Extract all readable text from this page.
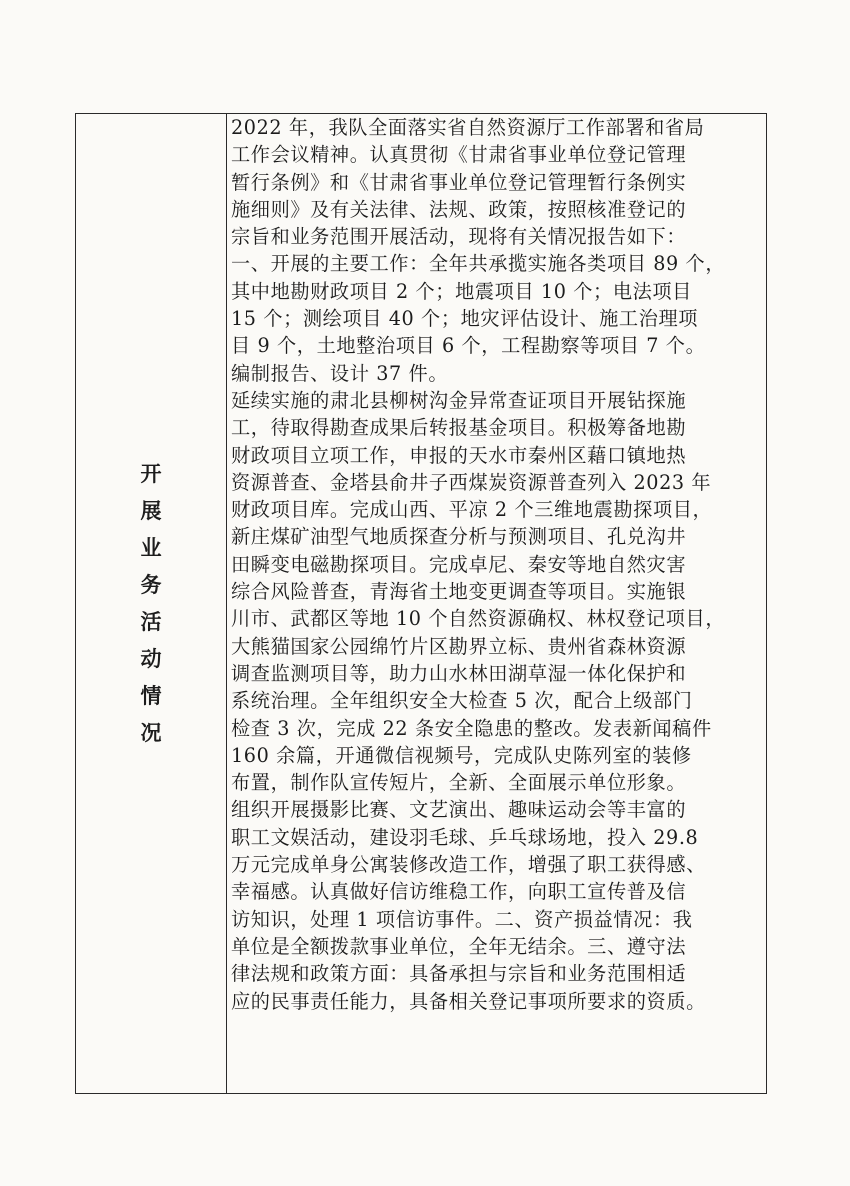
开展业务活动情况
2022 年，我队全面落实省自然资源厅工作部署和省局
工作会议精神。认真贯彻《甘肃省事业单位登记管理
暂行条例》和《甘肃省事业单位登记管理暂行条例实
施细则》及有关法律、法规、政策，按照核准登记的
宗旨和业务范围开展活动，现将有关情况报告如下：
一、开展的主要工作：全年共承揽实施各类项目 89 个，
其中地勘财政项目 2 个；地震项目 10 个；电法项目
15 个；测绘项目 40 个；地灾评估设计、施工治理项
目 9 个，土地整治项目 6 个，工程勘察等项目 7 个。
编制报告、设计 37 件。
延续实施的肃北县柳树沟金异常查证项目开展钻探施
工，待取得勘查成果后转报基金项目。积极筹备地勘
财政项目立项工作，申报的天水市秦州区藉口镇地热
资源普查、金塔县俞井子西煤炭资源普查列入 2023 年
财政项目库。完成山西、平凉 2 个三维地震勘探项目，
新庄煤矿油型气地质探查分析与预测项目、孔兑沟井
田瞬变电磁勘探项目。完成卓尼、秦安等地自然灾害
综合风险普查，青海省土地变更调查等项目。实施银
川市、武都区等地 10 个自然资源确权、林权登记项目，
大熊猫国家公园绵竹片区勘界立标、贵州省森林资源
调查监测项目等，助力山水林田湖草湿一体化保护和
系统治理。全年组织安全大检查 5 次，配合上级部门
检查 3 次，完成 22 条安全隐患的整改。发表新闻稿件
160 余篇，开通微信视频号，完成队史陈列室的装修
布置，制作队宣传短片，全新、全面展示单位形象。
组织开展摄影比赛、文艺演出、趣味运动会等丰富的
职工文娱活动，建设羽毛球、乒乓球场地，投入 29.8
万元完成单身公寓装修改造工作，增强了职工获得感、
幸福感。认真做好信访维稳工作，向职工宣传普及信
访知识，处理 1 项信访事件。二、资产损益情况：我
单位是全额拨款事业单位，全年无结余。三、遵守法
律法规和政策方面：具备承担与宗旨和业务范围相适
应的民事责任能力，具备相关登记事项所要求的资质。
